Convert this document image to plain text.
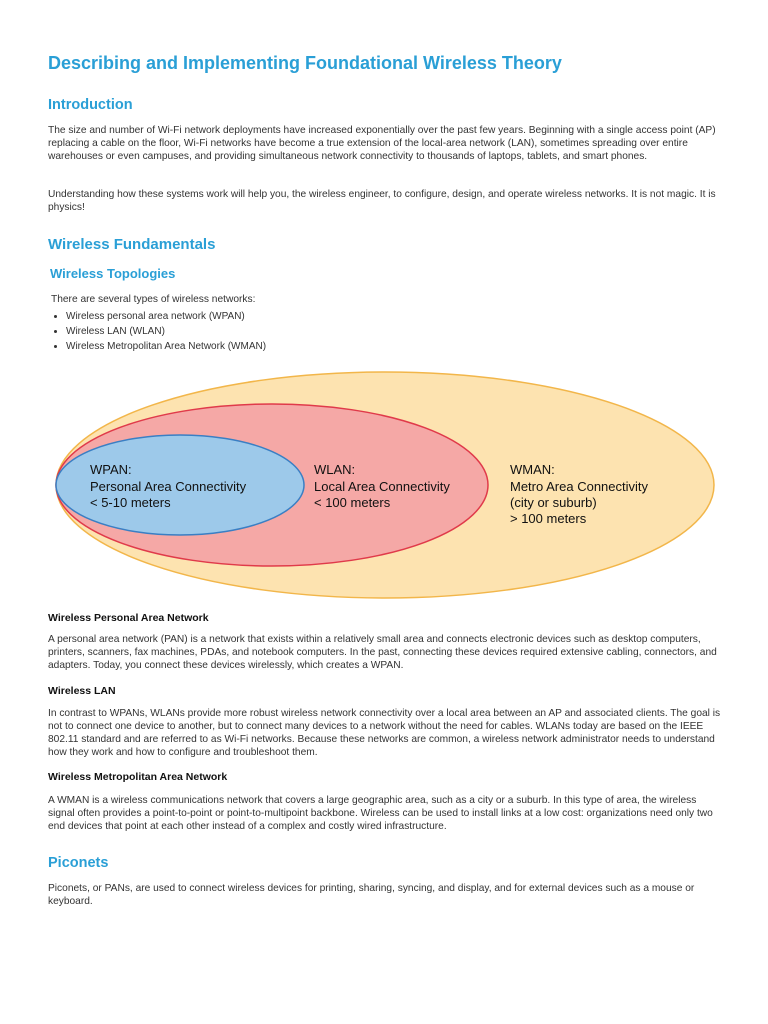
Describing and Implementing Foundational Wireless Theory
Introduction

The size and number of Wi-Fi network deployments have increased exponentially over the past few years. Beginning with a single access point (AP) replacing a cable on the floor, Wi-Fi networks have become a true extension of the local-area network (LAN), sometimes spreading over entire warehouses or even campuses, and providing simultaneous network connectivity to thousands of laptops, tablets, and smart phones.

Understanding how these systems work will help you, the wireless engineer, to configure, design, and operate wireless networks. It is not magic. It is physics!

Wireless Fundamentals
Wireless Topologies

There are several types of wireless networks:

• Wireless personal area network (WPAN)
• Wireless LAN (WLAN)
• Wireless Metropolitan Area Network (WMAN)
WPAN:
Personal Area Connectivity
< 5-10 meters
WLAN:
Local Area Connectivity
< 100 meters
WMAN:
Metro Area Connectivity
(city or suburb)
> 100 meters
Wireless Personal Area Network

A personal area network (PAN) is a network that exists within a relatively small area and connects electronic devices such as desktop computers, printers, scanners, fax machines, PDAs, and notebook computers. In the past, connecting these devices required extensive cabling, connectors, and adapters. Today, you connect these devices wirelessly, which creates a WPAN.

Wireless LAN

In contrast to WPANs, WLANs provide more robust wireless network connectivity over a local area between an AP and associated clients. The goal is not to connect one device to another, but to connect many devices to a network without the need for cables. WLANs today are based on the IEEE 802.11 standard and are referred to as Wi-Fi networks. Because these networks are common, a wireless network administrator needs to understand how they work and how to configure and troubleshoot them.

Wireless Metropolitan Area Network

A WMAN is a wireless communications network that covers a large geographic area, such as a city or a suburb. In this type of area, the wireless signal often provides a point-to-point or point-to-multipoint backbone. Wireless can be used to install links at a low cost: organizations need only two end devices that point at each other instead of a complex and costly wired infrastructure.

Piconets

Piconets, or PANs, are used to connect wireless devices for printing, sharing, syncing, and display, and for external devices such as a mouse or keyboard.
